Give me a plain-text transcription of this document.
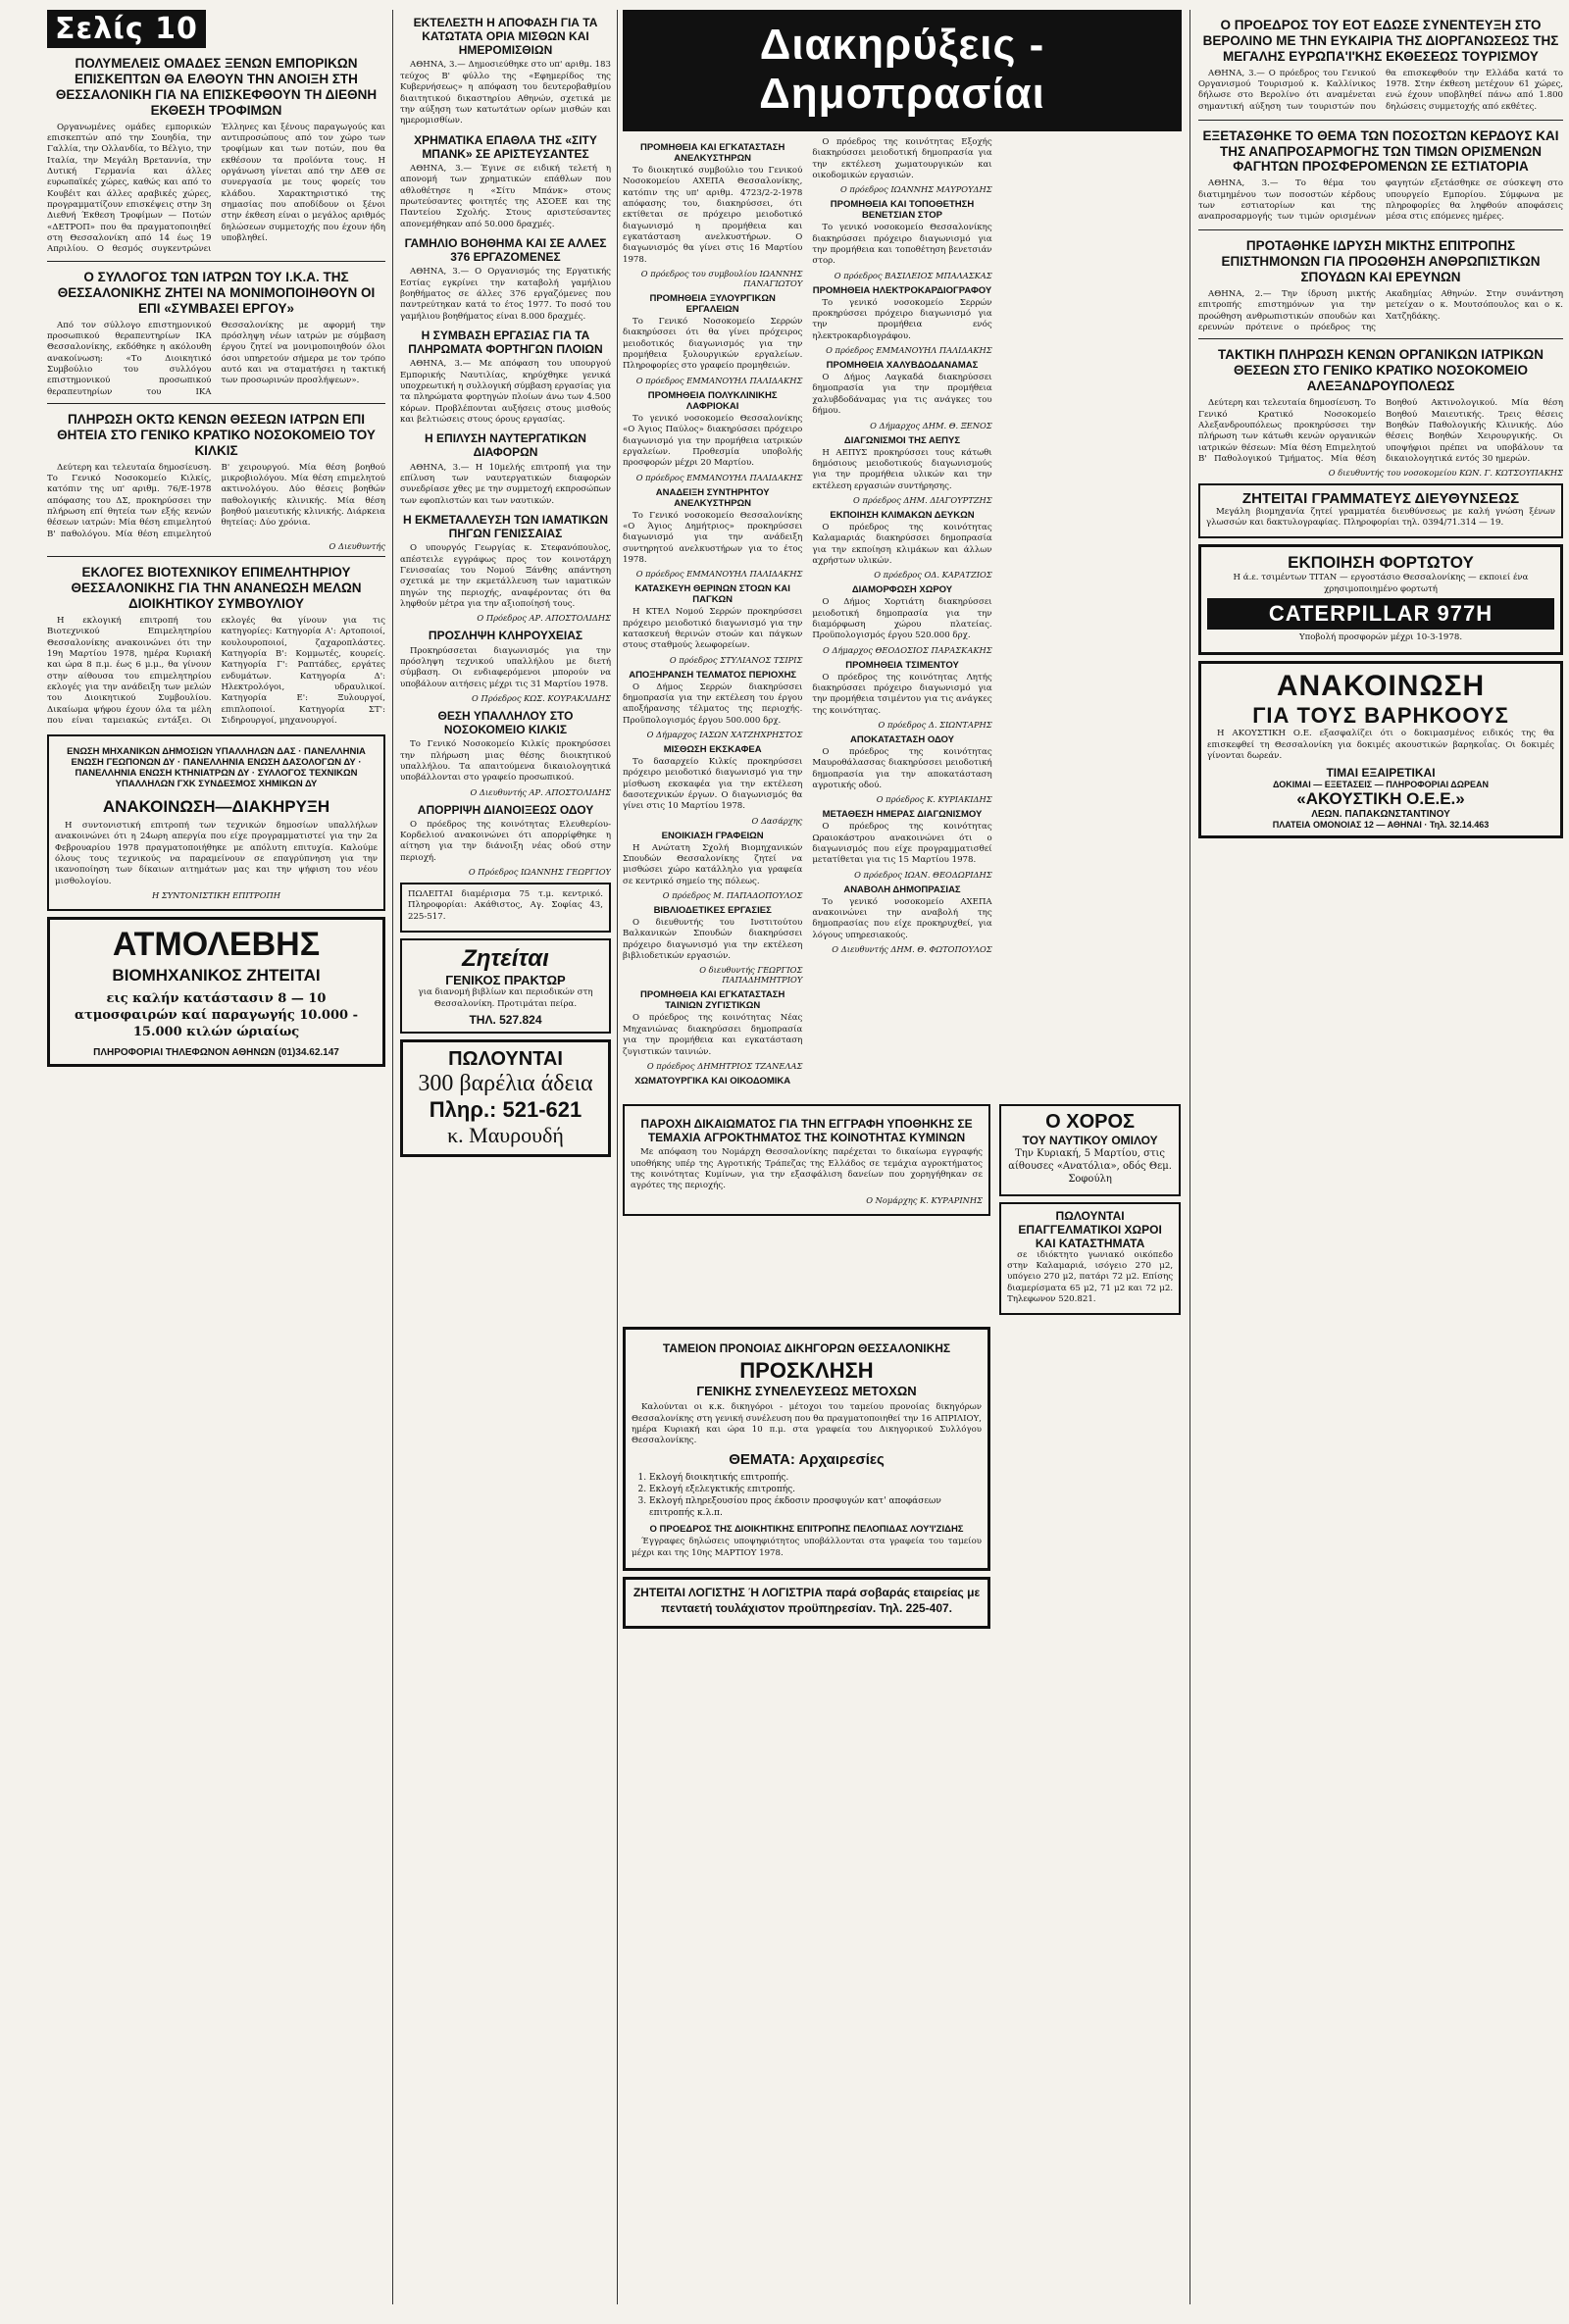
Σελίς 10
ΠΟΛΥΜΕΛΕΙΣ ΟΜΑΔΕΣ ΞΕΝΩΝ ΕΜΠΟΡΙΚΩΝ ΕΠΙΣΚΕΠΤΩΝ ΘΑ ΕΛΘΟΥΝ ΤΗΝ ΑΝΟΙΞΗ ΣΤΗ ΘΕΣΣΑΛΟΝΙΚΗ ΓΙΑ ΝΑ ΕΠΙΣΚΕΦΘΟΥΝ ΤΗ ΔΙΕΘΝΗ ΕΚΘΕΣΗ ΤΡΟΦΙΜΩΝ

Οργανωμένες ομάδες εμπορικών επισκεπτών από την Σουηδία, την Γαλλία, την Ολλανδία, το Βέλγιο, την Ιταλία, την Μεγάλη Βρεταννία, την Δυτική Γερμανία και άλλες ευρωπαϊκές χώρες, καθώς και από το Κουβέιτ και άλλες αραβικές χώρες, προγραμματίζουν επισκέψεις στην 3η Διεθνή Έκθεση Τροφίμων — Ποτών «ΔΕΤΡΟΠ» που θα πραγματοποιηθεί στη Θεσσαλονίκη από 14 έως 19 Απριλίου. Ο θεσμός συγκεντρώνει Έλληνες και ξένους παραγωγούς και αντιπροσώπους από τον χώρο των τροφίμων και των ποτών, που θα εκθέσουν τα προϊόντα τους. Η οργάνωση γίνεται από την ΔΕΘ σε συνεργασία με τους φορείς του κλάδου. Χαρακτηριστικό της σημασίας που αποδίδουν οι ξένοι στην έκθεση είναι ο μεγάλος αριθμός δηλώσεων συμμετοχής που έχουν ήδη υποβληθεί.

Ο ΣΥΛΛΟΓΟΣ ΤΩΝ ΙΑΤΡΩΝ ΤΟΥ Ι.Κ.Α. ΤΗΣ ΘΕΣΣΑΛΟΝΙΚΗΣ ΖΗΤΕΙ ΝΑ ΜΟΝΙΜΟΠΟΙΗΘΟΥΝ ΟΙ ΕΠΙ «ΣΥΜΒΑΣΕΙ ΕΡΓΟΥ»

Από τον σύλλογο επιστημονικού προσωπικού θεραπευτηρίων ΙΚΑ Θεσσαλονίκης, εκδόθηκε η ακόλουθη ανακοίνωση: «Το Διοικητικό Συμβούλιο του συλλόγου επιστημονικού προσωπικού θεραπευτηρίων του ΙΚΑ Θεσσαλονίκης με αφορμή την πρόσληψη νέων ιατρών με σύμβαση έργου ζητεί να μονιμοποιηθούν όλοι όσοι υπηρετούν σήμερα με τον τρόπο αυτό και να σταματήσει η τακτική των προσωρινών προσλήψεων».

ΠΛΗΡΩΣΗ ΟΚΤΩ ΚΕΝΩΝ ΘΕΣΕΩΝ ΙΑΤΡΩΝ ΕΠΙ ΘΗΤΕΙΑ ΣΤΟ ΓΕΝΙΚΟ ΚΡΑΤΙΚΟ ΝΟΣΟΚΟΜΕΙΟ ΤΟΥ ΚΙΛΚΙΣ

Δεύτερη και τελευταία δημοσίευση. Το Γενικό Νοσοκομείο Κιλκίς, κατόπιν της υπ' αριθμ. 76/Ε-1978 απόφασης του ΔΣ, προκηρύσσει την πλήρωση επί θητεία των εξής κενών θέσεων ιατρών: Μία θέση επιμελητού Β' παθολόγου. Μία θέση επιμελητού Β' χειρουργού. Μία θέση βοηθού μικροβιολόγου. Μία θέση επιμελητού ακτινολόγου. Δύο θέσεις βοηθών παθολογικής κλινικής. Μία θέση βοηθού μαιευτικής κλινικής. Διάρκεια θητείας: Δύο χρόνια.

Ο Διευθυντής
ΕΚΛΟΓΕΣ ΒΙΟΤΕΧΝΙΚΟΥ ΕΠΙΜΕΛΗΤΗΡΙΟΥ ΘΕΣΣΑΛΟΝΙΚΗΣ ΓΙΑ ΤΗΝ ΑΝΑΝΕΩΣΗ ΜΕΛΩΝ ΔΙΟΙΚΗΤΙΚΟΥ ΣΥΜΒΟΥΛΙΟΥ

Η εκλογική επιτροπή του Βιοτεχνικού Επιμελητηρίου Θεσσαλονίκης ανακοινώνει ότι την 19η Μαρτίου 1978, ημέρα Κυριακή και ώρα 8 π.μ. έως 6 μ.μ., θα γίνουν στην αίθουσα του επιμελητηρίου εκλογές για την ανάδειξη των μελών του Διοικητικού Συμβουλίου. Δικαίωμα ψήφου έχουν όλα τα μέλη που είναι ταμειακώς εντάξει. Οι εκλογές θα γίνουν για τις κατηγορίες: Κατηγορία Α': Αρτοποιοί, κουλουροποιοί, ζαχαροπλάστες. Κατηγορία Β': Κομμωτές, κουρείς. Κατηγορία Γ': Ραπτάδες, εργάτες ενδυμάτων. Κατηγορία Δ': Ηλεκτρολόγοι, υδραυλικοί. Κατηγορία Ε': Ξυλουργοί, επιπλοποιοί. Κατηγορία ΣΤ': Σιδηρουργοί, μηχανουργοί.

ΕΝΩΣΗ ΜΗΧΑΝΙΚΩΝ ΔΗΜΟΣΙΩΝ ΥΠΑΛΛΗΛΩΝ ΔΑΣ · ΠΑΝΕΛΛΗΝΙΑ ΕΝΩΣΗ ΓΕΩΠΟΝΩΝ ΔΥ · ΠΑΝΕΛΛΗΝΙΑ ΕΝΩΣΗ ΔΑΣΟΛΟΓΩΝ ΔΥ · ΠΑΝΕΛΛΗΝΙΑ ΕΝΩΣΗ ΚΤΗΝΙΑΤΡΩΝ ΔΥ · ΣΥΛΛΟΓΟΣ ΤΕΧΝΙΚΩΝ ΥΠΑΛΛΗΛΩΝ ΓΧΚ ΣΥΝΔΕΣΜΟΣ ΧΗΜΙΚΩΝ ΔΥ
ΑΝΑΚΟΙΝΩΣΗ—ΔΙΑΚΗΡΥΞΗ

Η συντονιστική επιτροπή των τεχνικών δημοσίων υπαλλήλων ανακοινώνει ότι η 24ωρη απεργία που είχε προγραμματιστεί για την 2α Φεβρουαρίου 1978 πραγματοποιήθηκε με απόλυτη επιτυχία. Καλούμε όλους τους τεχνικούς να παραμείνουν σε επαγρύπνηση για την ικανοποίηση των δίκαιων αιτημάτων μας και την ψήφιση του νέου μισθολογίου.

Η ΣΥΝΤΟΝΙΣΤΙΚΗ ΕΠΙΤΡΟΠΗ
ΑΤΜΟΛΕΒΗΣ
ΒΙΟΜΗΧΑΝΙΚΟΣ ΖΗΤΕΙΤΑΙ
εις καλήν κατάστασιν 8 — 10 ατμοσφαιρών καί παραγωγής 10.000 - 15.000 κιλών ώριαίως
ΠΛΗΡΟΦΟΡΙΑΙ ΤΗΛΕΦΩΝΟΝ ΑΘΗΝΩΝ (01)34.62.147
ΕΚΤΕΛΕΣΤΗ Η ΑΠΟΦΑΣΗ ΓΙΑ ΤΑ ΚΑΤΩΤΑΤΑ ΟΡΙΑ ΜΙΣΘΩΝ ΚΑΙ ΗΜΕΡΟΜΙΣΘΙΩΝ

ΑΘΗΝΑ, 3.— Δημοσιεύθηκε στο υπ' αριθμ. 183 τεύχος Β' φύλλο της «Εφημερίδος της Κυβερνήσεως» η απόφαση του δευτεροβαθμίου διαιτητικού δικαστηρίου Αθηνών, σχετικά με την αύξηση των κατωτάτων ορίων μισθών και ημερομισθίων.

ΧΡΗΜΑΤΙΚΑ ΕΠΑΘΛΑ ΤΗΣ «ΣΙΤΥ ΜΠΑΝΚ» ΣΕ ΑΡΙΣΤΕΥΣΑΝΤΕΣ

ΑΘΗΝΑ, 3.— Έγινε σε ειδική τελετή η απονομή των χρηματικών επάθλων που αθλοθέτησε η «Σίτυ Μπάνκ» στους πρωτεύσαντες φοιτητές της ΑΣΟΕΕ και της Παντείου Σχολής. Στους αριστεύσαντες απονεμήθηκαν από 50.000 δραχμές.

ΓΑΜΗΛΙΟ ΒΟΗΘΗΜΑ ΚΑΙ ΣΕ ΑΛΛΕΣ 376 ΕΡΓΑΖΟΜΕΝΕΣ

ΑΘΗΝΑ, 3.— Ο Οργανισμός της Εργατικής Εστίας εγκρίνει την καταβολή γαμήλιου βοηθήματος σε άλλες 376 εργαζόμενες που παντρεύτηκαν κατά το έτος 1977. Το ποσό του γαμήλιου βοηθήματος είναι 8.000 δραχμές.

Η ΣΥΜΒΑΣΗ ΕΡΓΑΣΙΑΣ ΓΙΑ ΤΑ ΠΛΗΡΩΜΑΤΑ ΦΟΡΤΗΓΩΝ ΠΛΟΙΩΝ

ΑΘΗΝΑ, 3.— Με απόφαση του υπουργού Εμπορικής Ναυτιλίας, κηρύχθηκε γενικά υποχρεωτική η συλλογική σύμβαση εργασίας για τα πληρώματα φορτηγών πλοίων άνω των 4.500 κόρων. Προβλέπονται αυξήσεις στους μισθούς και βελτιώσεις στους όρους εργασίας.

Η ΕΠΙΛΥΣΗ ΝΑΥΤΕΡΓΑΤΙΚΩΝ ΔΙΑΦΟΡΩΝ

ΑΘΗΝΑ, 3.— Η 10μελής επιτροπή για την επίλυση των ναυτεργατικών διαφορών συνεδρίασε χθες με την συμμετοχή εκπροσώπων των εφοπλιστών και των ναυτικών.

Η ΕΚΜΕΤΑΛΛΕΥΣΗ ΤΩΝ ΙΑΜΑΤΙΚΩΝ ΠΗΓΩΝ ΓΕΝΙΣΣΑΙΑΣ

Ο υπουργός Γεωργίας κ. Στεφανόπουλος, απέστειλε εγγράφως προς τον κοινοτάρχη Γενισσαίας του Νομού Ξάνθης απάντηση σχετικά με την εκμετάλλευση των ιαματικών πηγών της περιοχής, αναφέροντας ότι θα ληφθούν μέτρα για την αξιοποίησή τους.

Ο Πρόεδρος ΑΡ. ΑΠΟΣΤΟΛΙΔΗΣ
ΠΡΟΣΛΗΨΗ ΚΛΗΡΟΥΧΕΙΑΣ

Προκηρύσσεται διαγωνισμός για την πρόσληψη τεχνικού υπαλλήλου με διετή σύμβαση. Οι ενδιαφερόμενοι μπορούν να υποβάλουν αιτήσεις μέχρι τις 31 Μαρτίου 1978.

Ο Πρόεδρος ΚΩΣ. ΚΟΥΡΑΚΛΙΔΗΣ
ΘΕΣΗ ΥΠΑΛΛΗΛΟΥ ΣΤΟ ΝΟΣΟΚΟΜΕΙΟ ΚΙΛΚΙΣ

Το Γενικό Νοσοκομείο Κιλκίς προκηρύσσει την πλήρωση μιας θέσης διοικητικού υπαλλήλου. Τα απαιτούμενα δικαιολογητικά υποβάλλονται στο γραφείο προσωπικού.

Ο Διευθυντής ΑΡ. ΑΠΟΣΤΟΛΙΔΗΣ
ΑΠΟΡΡΙΨΗ ΔΙΑΝΟΙΞΕΩΣ ΟΔΟΥ

Ο πρόεδρος της κοινότητας Ελευθερίου-Κορδελιού ανακοινώνει ότι απορρίφθηκε η αίτηση για την διάνοιξη νέας οδού στην περιοχή.

Ο Πρόεδρος ΙΩΑΝΝΗΣ ΓΕΩΡΓΙΟΥ

ΠΩΛΕΙΤΑΙ διαμέρισμα 75 τ.μ. κεντρικό. Πληροφορίαι: Ακάθιστος, Αγ. Σοφίας 43, 225-517.

Ζητείται
ΓΕΝΙΚΟΣ ΠΡΑΚΤΩΡ

για διανομή βιβλίων και περιοδικών στη Θεσσαλονίκη. Προτιμάται πείρα.

ΤΗΛ. 527.824
ΠΩΛΟΥΝΤΑΙ
300 βαρέλια άδεια
Πληρ.: 521-621
κ. Μαυρουδή
Διακηρύξεις - Δημοπρασίαι
ΠΡΟΜΗΘΕΙΑ ΚΑΙ ΕΓΚΑΤΑΣΤΑΣΗ ΑΝΕΛΚΥΣΤΗΡΩΝ

Το διοικητικό συμβούλιο του Γενικού Νοσοκομείου ΑΧΕΠΑ Θεσσαλονίκης, κατόπιν της υπ' αριθμ. 4723/2-2-1978 απόφασης του, διακηρύσσει, ότι εκτίθεται σε πρόχειρο μειοδοτικό διαγωνισμό η προμήθεια και εγκατάσταση ανελκυστήρων. Ο διαγωνισμός θα γίνει στις 16 Μαρτίου 1978.

Ο πρόεδρος του συμβουλίου ΙΩΑΝΝΗΣ ΠΑΝΑΓΙΩΤΟΥ
ΠΡΟΜΗΘΕΙΑ ΞΥΛΟΥΡΓΙΚΩΝ ΕΡΓΑΛΕΙΩΝ

Το Γενικό Νοσοκομείο Σερρών διακηρύσσει ότι θα γίνει πρόχειρος μειοδοτικός διαγωνισμός για την προμήθεια ξυλουργικών εργαλείων. Πληροφορίες στο γραφείο προμηθειών.

Ο πρόεδρος ΕΜΜΑΝΟΥΗΛ ΠΑΛΙΔΑΚΗΣ
ΠΡΟΜΗΘΕΙΑ ΠΟΛΥΚΛΙΝΙΚΗΣ ΛΑΦΡΙΟΚΑΙ

Το γενικό νοσοκομείο Θεσσαλονίκης «Ο Άγιος Παύλος» διακηρύσσει πρόχειρο διαγωνισμό για την προμήθεια ιατρικών εργαλείων. Προθεσμία υποβολής προσφορών μέχρι 20 Μαρτίου.

Ο πρόεδρος ΕΜΜΑΝΟΥΗΛ ΠΑΛΙΔΑΚΗΣ
ΑΝΑΔΕΙΞΗ ΣΥΝΤΗΡΗΤΟΥ ΑΝΕΛΚΥΣΤΗΡΩΝ

Το Γενικό νοσοκομείο Θεσσαλονίκης «Ο Άγιος Δημήτριος» προκηρύσσει διαγωνισμό για την ανάδειξη συντηρητού ανελκυστήρων για το έτος 1978.

Ο πρόεδρος ΕΜΜΑΝΟΥΗΛ ΠΑΛΙΔΑΚΗΣ
ΚΑΤΑΣΚΕΥΗ ΘΕΡΙΝΩΝ ΣΤΟΩΝ ΚΑΙ ΠΑΓΚΩΝ

Η ΚΤΕΛ Νομού Σερρών προκηρύσσει πρόχειρο μειοδοτικό διαγωνισμό για την κατασκευή θερινών στοών και πάγκων στους σταθμούς λεωφορείων.

Ο πρόεδρος ΣΤΥΛΙΑΝΟΣ ΤΣΙΡΙΣ
ΑΠΟΞΗΡΑΝΣΗ ΤΕΛΜΑΤΟΣ ΠΕΡΙΟΧΗΣ

Ο Δήμος Σερρών διακηρύσσει δημοπρασία για την εκτέλεση του έργου αποξήρανσης τέλματος της περιοχής. Προϋπολογισμός έργου 500.000 δρχ.

Ο Δήμαρχος ΙΑΣΩΝ ΧΑΤΖΗΧΡΗΣΤΟΣ
ΜΙΣΘΩΣΗ ΕΚΣΚΑΦΕΑ

Το δασαρχείο Κιλκίς προκηρύσσει πρόχειρο μειοδοτικό διαγωνισμό για την μίσθωση εκσκαφέα για την εκτέλεση δασοτεχνικών έργων. Ο διαγωνισμός θα γίνει στις 10 Μαρτίου 1978.

Ο Δασάρχης
ΕΝΟΙΚΙΑΣΗ ΓΡΑΦΕΙΩΝ

Η Ανώτατη Σχολή Βιομηχανικών Σπουδών Θεσσαλονίκης ζητεί να μισθώσει χώρο κατάλληλο για γραφεία σε κεντρικό σημείο της πόλεως.

Ο πρόεδρος Μ. ΠΑΠΑΔΟΠΟΥΛΟΣ
ΒΙΒΛΙΟΔΕΤΙΚΕΣ ΕΡΓΑΣΙΕΣ

Ο διευθυντής του Ινστιτούτου Βαλκανικών Σπουδών διακηρύσσει πρόχειρο διαγωνισμό για την εκτέλεση βιβλιοδετικών εργασιών.

Ο διευθυντής ΓΕΩΡΓΙΟΣ ΠΑΠΑΔΗΜΗΤΡΙΟΥ
ΠΡΟΜΗΘΕΙΑ ΚΑΙ ΕΓΚΑΤΑΣΤΑΣΗ ΤΑΙΝΙΩΝ ΖΥΓΙΣΤΙΚΩΝ

Ο πρόεδρος της κοινότητας Νέας Μηχανιώνας διακηρύσσει δημοπρασία για την προμήθεια και εγκατάσταση ζυγιστικών ταινιών.

Ο πρόεδρος ΔΗΜΗΤΡΙΟΣ ΤΖΑΝΕΛΑΣ
ΧΩΜΑΤΟΥΡΓΙΚΑ ΚΑΙ ΟΙΚΟΔΟΜΙΚΑ

Ο πρόεδρος της κοινότητας Εξοχής διακηρύσσει μειοδοτική δημοπρασία για την εκτέλεση χωματουργικών και οικοδομικών εργασιών.

Ο πρόεδρος ΙΩΑΝΝΗΣ ΜΑΥΡΟΥΔΗΣ
ΠΡΟΜΗΘΕΙΑ ΚΑΙ ΤΟΠΟΘΕΤΗΣΗ ΒΕΝΕΤΣΙΑΝ ΣΤΟΡ

Το γενικό νοσοκομείο Θεσσαλονίκης διακηρύσσει πρόχειρο διαγωνισμό για την προμήθεια και τοποθέτηση βενετσιάν στορ.

Ο πρόεδρος ΒΑΣΙΛΕΙΟΣ ΜΠΑΛΑΣΚΑΣ
ΠΡΟΜΗΘΕΙΑ ΗΛΕΚΤΡΟΚΑΡΔΙΟΓΡΑΦΟΥ

Το γενικό νοσοκομείο Σερρών προκηρύσσει πρόχειρο διαγωνισμό για την προμήθεια ενός ηλεκτροκαρδιογράφου.

Ο πρόεδρος ΕΜΜΑΝΟΥΗΛ ΠΑΛΙΔΑΚΗΣ
ΠΡΟΜΗΘΕΙΑ ΧΑΛΥΒΔΟΔΑΝΑΜΑΣ

Ο Δήμος Λαγκαδά διακηρύσσει δημοπρασία για την προμήθεια χαλυβδοδάναμας για τις ανάγκες του δήμου.

Ο Δήμαρχος ΔΗΜ. Θ. ΞΕΝΟΣ
ΔΙΑΓΩΝΙΣΜΟΙ ΤΗΣ ΑΕΠΥΣ

Η ΑΕΠΥΣ προκηρύσσει τους κάτωθι δημόσιους μειοδοτικούς διαγωνισμούς για την προμήθεια υλικών και την εκτέλεση εργασιών συντήρησης.

Ο πρόεδρος ΔΗΜ. ΔΙΑΓΟΥΡΤΖΗΣ
ΕΚΠΟΙΗΣΗ ΚΛΙΜΑΚΩΝ ΔΕΥΚΩΝ

Ο πρόεδρος της κοινότητας Καλαμαριάς διακηρύσσει δημοπρασία για την εκποίηση κλιμάκων και άλλων αχρήστων υλικών.

Ο πρόεδρος ΟΔ. ΚΑΡΑΤΖΙΟΣ
ΔΙΑΜΟΡΦΩΣΗ ΧΩΡΟΥ

Ο Δήμος Χορτιάτη διακηρύσσει μειοδοτική δημοπρασία για την διαμόρφωση χώρου πλατείας. Προϋπολογισμός έργου 520.000 δρχ.

Ο Δήμαρχος ΘΕΟΔΟΣΙΟΣ ΠΑΡΑΣΚΑΚΗΣ
ΠΡΟΜΗΘΕΙΑ ΤΣΙΜΕΝΤΟΥ

Ο πρόεδρος της κοινότητας Λητής διακηρύσσει πρόχειρο διαγωνισμό για την προμήθεια τσιμέντου για τις ανάγκες της κοινότητας.

Ο πρόεδρος Δ. ΣΙΩΝΤΑΡΗΣ
ΑΠΟΚΑΤΑΣΤΑΣΗ ΟΔΟΥ

Ο πρόεδρος της κοινότητας Μαυροθάλασσας διακηρύσσει μειοδοτική δημοπρασία για την αποκατάσταση αγροτικής οδού.

Ο πρόεδρος Κ. ΚΥΡΙΑΚΙΔΗΣ
ΜΕΤΑΘΕΣΗ ΗΜΕΡΑΣ ΔΙΑΓΩΝΙΣΜΟΥ

Ο πρόεδρος της κοινότητας Ωραιοκάστρου ανακοινώνει ότι ο διαγωνισμός που είχε προγραμματισθεί μετατίθεται για τις 15 Μαρτίου 1978.

Ο πρόεδρος ΙΩΑΝ. ΘΕΟΔΩΡΙΔΗΣ
ΑΝΑΒΟΛΗ ΔΗΜΟΠΡΑΣΙΑΣ

Το γενικό νοσοκομείο ΑΧΕΠΑ ανακοινώνει την αναβολή της δημοπρασίας που είχε προκηρυχθεί, για λόγους υπηρεσιακούς.

Ο Διευθυντής ΔΗΜ. Θ. ΦΩΤΟΠΟΥΛΟΣ
ΠΑΡΟΧΗ ΔΙΚΑΙΩΜΑΤΟΣ ΓΙΑ ΤΗΝ ΕΓΓΡΑΦΗ ΥΠΟΘΗΚΗΣ ΣΕ ΤΕΜΑΧΙΑ ΑΓΡΟΚΤΗΜΑΤΟΣ ΤΗΣ ΚΟΙΝΟΤΗΤΑΣ ΚΥΜΙΝΩΝ

Με απόφαση του Νομάρχη Θεσσαλονίκης παρέχεται το δικαίωμα εγγραφής υποθήκης υπέρ της Αγροτικής Τράπεζας της Ελλάδος σε τεμάχια αγροκτήματος της κοινότητας Κυμίνων, για την εξασφάλιση δανείων που χορηγήθηκαν σε αγρότες της περιοχής.

Ο Νομάρχης Κ. ΚΥΡΑΡΙΝΗΣ

Ο ΧΟΡΟΣ
ΤΟΥ ΝΑΥΤΙΚΟΥ ΟΜΙΛΟΥ

Την Κυριακή, 5 Μαρτίου, στις αίθουσες «Ανατόλια», οδός Θεμ. Σοφούλη

ΠΩΛΟΥΝΤΑΙ ΕΠΑΓΓΕΛΜΑΤΙΚΟΙ ΧΩΡΟΙ ΚΑΙ ΚΑΤΑΣΤΗΜΑΤΑ

σε ιδιόκτητο γωνιακό οικόπεδο στην Καλαμαριά, ισόγειο 270 μ2, υπόγειο 270 μ2, πατάρι 72 μ2. Επίσης διαμερίσματα 65 μ2, 71 μ2 και 72 μ2. Τηλεφωνον 520.821.

ΤΑΜΕΙΟΝ ΠΡΟΝΟΙΑΣ ΔΙΚΗΓΟΡΩΝ ΘΕΣΣΑΛΟΝΙΚΗΣ
ΠΡΟΣΚΛΗΣΗ
ΓΕΝΙΚΗΣ ΣΥΝΕΛΕΥΣΕΩΣ ΜΕΤΟΧΩΝ

Καλούνται οι κ.κ. δικηγόροι - μέτοχοι του ταμείου προνοίας δικηγόρων Θεσσαλονίκης στη γενική συνέλευση που θα πραγματοποιηθεί την 16 ΑΠΡΙΛΙΟΥ, ημέρα Κυριακή και ώρα 10 π.μ. στα γραφεία του Δικηγορικού Συλλόγου Θεσσαλονίκης.

ΘΕΜΑΤΑ: Αρχαιρεσίες
1. Εκλογή διοικητικής επιτροπής.
2. Εκλογή εξελεγκτικής επιτροπής.
3. Εκλογή πληρεξουσίου προς έκδοσιν προσφυγών κατ' αποφάσεων επιτροπής κ.λ.π.
Ο ΠΡΟΕΔΡΟΣ ΤΗΣ ΔΙΟΙΚΗΤΙΚΗΣ ΕΠΙΤΡΟΠΗΣ ΠΕΛΟΠΙΔΑΣ ΛΟΥ'Ι'ΖΙΔΗΣ

Έγγραφες δηλώσεις υποψηφιότητος υποβάλλονται στα γραφεία του ταμείου μέχρι και της 10ης ΜΑΡΤΙΟΥ 1978.

ΖΗΤΕΙΤΑΙ ΛΟΓΙΣΤΗΣ Ή ΛΟΓΙΣΤΡΙΑ παρά σοβαράς εταιρείας με πενταετή τουλάχιστον προϋπηρεσίαν. Τηλ. 225-407.

Ο ΠΡΟΕΔΡΟΣ ΤΟΥ ΕΟΤ ΕΔΩΣΕ ΣΥΝΕΝΤΕΥΞΗ ΣΤΟ ΒΕΡΟΛΙΝΟ ΜΕ ΤΗΝ ΕΥΚΑΙΡΙΑ ΤΗΣ ΔΙΟΡΓΑΝΩΣΕΩΣ ΤΗΣ ΜΕΓΑΛΗΣ ΕΥΡΩΠΑ'Ι'ΚΗΣ ΕΚΘΕΣΕΩΣ ΤΟΥΡΙΣΜΟΥ

ΑΘΗΝΑ, 3.— Ο πρόεδρος του Γενικού Οργανισμού Τουρισμού κ. Καλλίνικος δήλωσε στο Βερολίνο ότι αναμένεται σημαντική αύξηση των τουριστών που θα επισκεφθούν την Ελλάδα κατά το 1978. Στην έκθεση μετέχουν 61 χώρες, ενώ έχουν υποβληθεί πάνω από 1.800 δηλώσεις συμμετοχής από εκθέτες.

ΕΞΕΤΑΣΘΗΚΕ ΤΟ ΘΕΜΑ ΤΩΝ ΠΟΣΟΣΤΩΝ ΚΕΡΔΟΥΣ ΚΑΙ ΤΗΣ ΑΝΑΠΡΟΣΑΡΜΟΓΗΣ ΤΩΝ ΤΙΜΩΝ ΟΡΙΣΜΕΝΩΝ ΦΑΓΗΤΩΝ ΠΡΟΣΦΕΡΟΜΕΝΩΝ ΣΕ ΕΣΤΙΑΤΟΡΙΑ

ΑΘΗΝΑ, 3.— Το θέμα του διατιμημένου των ποσοστών κέρδους των εστιατορίων και της αναπροσαρμογής των τιμών ορισμένων φαγητών εξετάσθηκε σε σύσκεψη στο υπουργείο Εμπορίου. Σύμφωνα με πληροφορίες θα ληφθούν αποφάσεις μέσα στις επόμενες ημέρες.

ΠΡΟΤΑΘΗΚΕ ΙΔΡΥΣΗ ΜΙΚΤΗΣ ΕΠΙΤΡΟΠΗΣ ΕΠΙΣΤΗΜΟΝΩΝ ΓΙΑ ΠΡΟΩΘΗΣΗ ΑΝΘΡΩΠΙΣΤΙΚΩΝ ΣΠΟΥΔΩΝ ΚΑΙ ΕΡΕΥΝΩΝ

ΑΘΗΝΑ, 2.— Την ίδρυση μικτής επιτροπής επιστημόνων για την προώθηση ανθρωπιστικών σπουδών και ερευνών πρότεινε ο πρόεδρος της Ακαδημίας Αθηνών. Στην συνάντηση μετείχαν ο κ. Μουτσόπουλος και ο κ. Χατζηδάκης.

ΤΑΚΤΙΚΗ ΠΛΗΡΩΣΗ ΚΕΝΩΝ ΟΡΓΑΝΙΚΩΝ ΙΑΤΡΙΚΩΝ ΘΕΣΕΩΝ ΣΤΟ ΓΕΝΙΚΟ ΚΡΑΤΙΚΟ ΝΟΣΟΚΟΜΕΙΟ ΑΛΕΞΑΝΔΡΟΥΠΟΛΕΩΣ

Δεύτερη και τελευταία δημοσίευση. Το Γενικό Κρατικό Νοσοκομείο Αλεξανδρουπόλεως προκηρύσσει την πλήρωση των κάτωθι κενών οργανικών ιατρικών θέσεων: Μία θέση Επιμελητού Β' Παθολογικού Τμήματος. Μία θέση Βοηθού Ακτινολογικού. Μία θέση Βοηθού Μαιευτικής. Τρεις θέσεις Βοηθών Παθολογικής Κλινικής. Δύο θέσεις Βοηθών Χειρουργικής. Οι υποψήφιοι πρέπει να υποβάλουν τα δικαιολογητικά εντός 30 ημερών.

Ο διευθυντής του νοσοκομείου ΚΩΝ. Γ. ΚΩΤΣΟΥΠΑΚΗΣ
ΖΗΤΕΙΤΑΙ ΓΡΑΜΜΑΤΕΥΣ ΔΙΕΥΘΥΝΣΕΩΣ

Μεγάλη βιομηχανία ζητεί γραμματέα διευθύνσεως με καλή γνώση ξένων γλωσσών και δακτυλογραφίας. Πληροφορίαι τηλ. 0394/71.314 — 19.

ΕΚΠΟΙΗΣΗ ΦΟΡΤΩΤΟΥ

Η ά.ε. τσιμέντων TITAN — εργοστάσιο Θεσσαλονίκης — εκποιεί ένα χρησιμοποιημένο φορτωτή

CATERPILLAR 977H

Υποβολή προσφορών μέχρι 10-3-1978.

ΑΝΑΚΟΙΝΩΣΗ
ΓΙΑ ΤΟΥΣ ΒΑΡΗΚΟΟΥΣ

Η ΑΚΟΥΣΤΙΚΗ Ο.Ε. εξασφαλίζει ότι ο δοκιμασμένος ειδικός της θα επισκεφθεί τη Θεσσαλονίκη για δοκιμές ακουστικών βαρηκοΐας. Οι δοκιμές γίνονται δωρεάν.

ΤΙΜΑΙ ΕΞΑΙΡΕΤΙΚΑΙ
ΔΟΚΙΜΑΙ — ΕΞΕΤΑΣΕΙΣ — ΠΛΗΡΟΦΟΡΙΑΙ ΔΩΡΕΑΝ
«ΑΚΟΥΣΤΙΚΗ Ο.Ε.Ε.»
ΛΕΩΝ. ΠΑΠΑΚΩΝΣΤΑΝΤΙΝΟΥ
ΠΛΑΤΕΙΑ ΟΜΟΝΟΙΑΣ 12 — ΑΘΗΝΑΙ · Τηλ. 32.14.463
